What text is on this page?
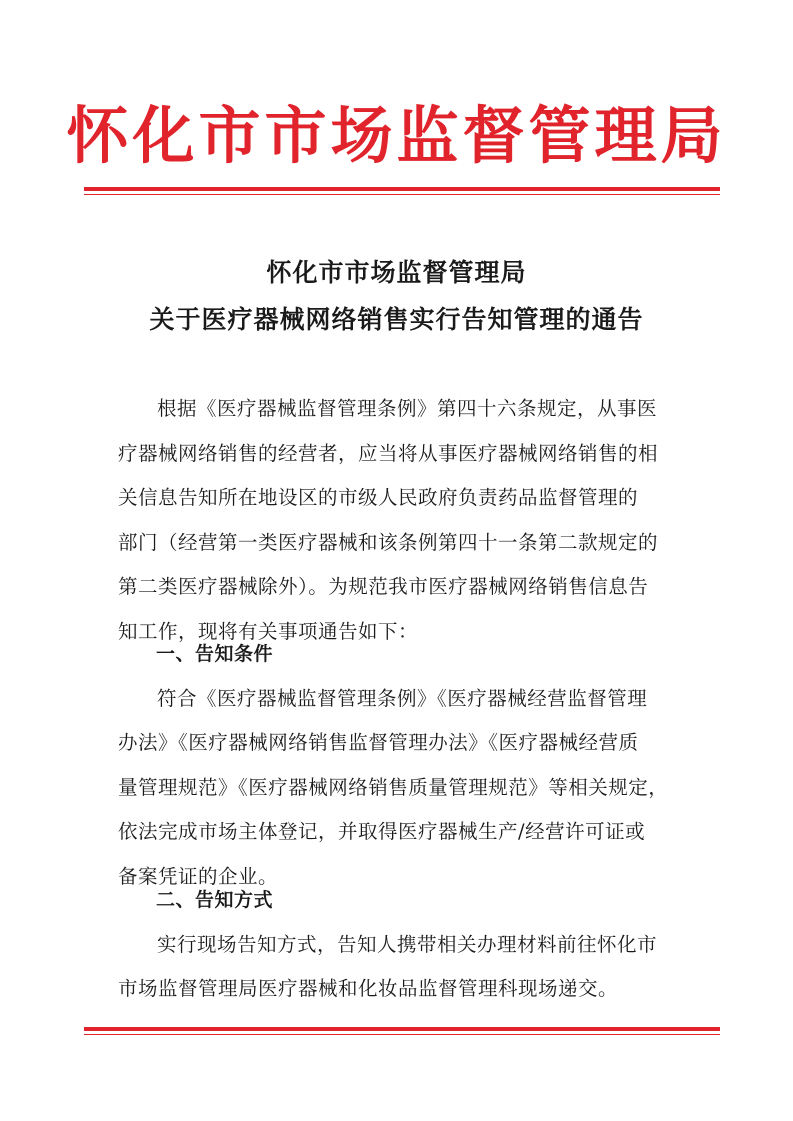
怀化市市场监督管理局
怀化市市场监督管理局
关于医疗器械网络销售实行告知管理的通告
根据《医疗器械监督管理条例》第四十六条规定，从事医
疗器械网络销售的经营者，应当将从事医疗器械网络销售的相
关信息告知所在地设区的市级人民政府负责药品监督管理的
部门（经营第一类医疗器械和该条例第四十一条第二款规定的
第二类医疗器械除外）。为规范我市医疗器械网络销售信息告
知工作，现将有关事项通告如下：
一、告知条件
符合《医疗器械监督管理条例》《医疗器械经营监督管理
办法》《医疗器械网络销售监督管理办法》《医疗器械经营质
量管理规范》《医疗器械网络销售质量管理规范》等相关规定，
依法完成市场主体登记，并取得医疗器械生产/经营许可证或
备案凭证的企业。
二、告知方式
实行现场告知方式，告知人携带相关办理材料前往怀化市
市场监督管理局医疗器械和化妆品监督管理科现场递交。
